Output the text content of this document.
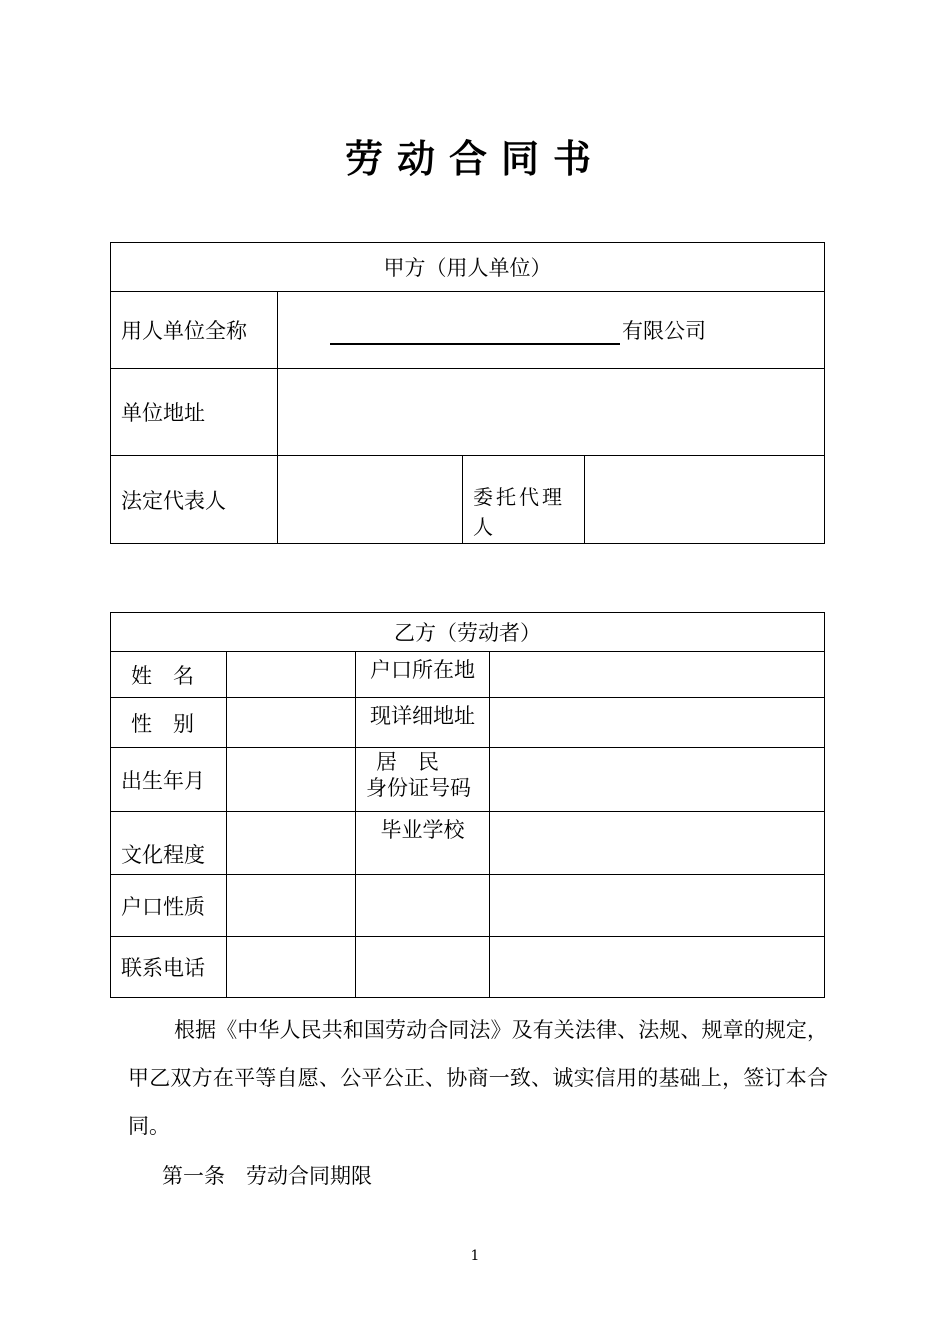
劳动合同书
甲方（用人单位）			
用人单位全称	有限公司		
单位地址			
法定代表人		委托代理人	

乙方（劳动者）			
姓　名		户口所在地	
性　别		现详细地址	
出生年月		居　民
身份证号码	

文化程度		毕业学校	
户口性质			
联系电话			
根据《中华人民共和国劳动合同法》及有关法律、法规、规章的规定，甲乙双方在平等自愿、公平公正、协商一致、诚实信用的基础上，签订本合同。
第一条　劳动合同期限
1
